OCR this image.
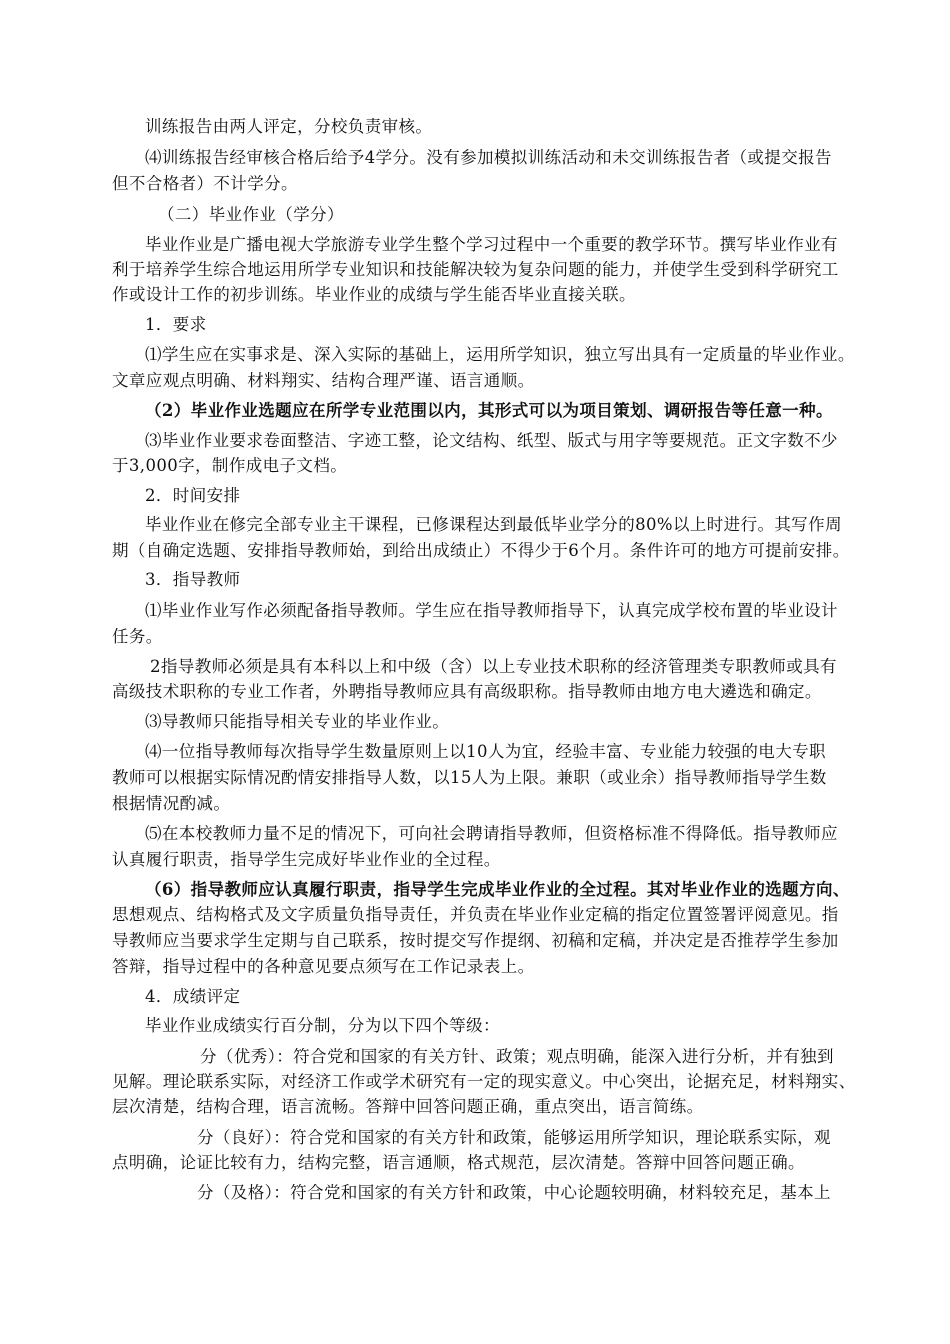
训练报告由两人评定，分校负责审核。
⑷训练报告经审核合格后给予4学分。没有参加模拟训练活动和未交训练报告者（或提交报告
但不合格者）不计学分。
（二）毕业作业（学分）
毕业作业是广播电视大学旅游专业学生整个学习过程中一个重要的教学环节。撰写毕业作业有
利于培养学生综合地运用所学专业知识和技能解决较为复杂问题的能力，并使学生受到科学研究工
作或设计工作的初步训练。毕业作业的成绩与学生能否毕业直接关联。
1．要求
⑴学生应在实事求是、深入实际的基础上，运用所学知识，独立写出具有一定质量的毕业作业。
文章应观点明确、材料翔实、结构合理严谨、语言通顺。
（2）毕业作业选题应在所学专业范围以内，其形式可以为项目策划、调研报告等任意一种。
⑶毕业作业要求卷面整洁、字迹工整，论文结构、纸型、版式与用字等要规范。正文字数不少
于3,000字，制作成电子文档。
2．时间安排
毕业作业在修完全部专业主干课程，已修课程达到最低毕业学分的80%以上时进行。其写作周
期（自确定选题、安排指导教师始，到给出成绩止）不得少于6个月。条件许可的地方可提前安排。
3．指导教师
⑴毕业作业写作必须配备指导教师。学生应在指导教师指导下，认真完成学校布置的毕业设计
任务。
2指导教师必须是具有本科以上和中级（含）以上专业技术职称的经济管理类专职教师或具有
高级技术职称的专业工作者，外聘指导教师应具有高级职称。指导教师由地方电大遴选和确定。
⑶导教师只能指导相关专业的毕业作业。
⑷一位指导教师每次指导学生数量原则上以10人为宜，经验丰富、专业能力较强的电大专职
教师可以根据实际情况酌情安排指导人数，以15人为上限。兼职（或业余）指导教师指导学生数
根据情况酌减。
⑸在本校教师力量不足的情况下，可向社会聘请指导教师，但资格标准不得降低。指导教师应
认真履行职责，指导学生完成好毕业作业的全过程。
（6）指导教师应认真履行职责，指导学生完成毕业作业的全过程。其对毕业作业的选题方向、
思想观点、结构格式及文字质量负指导责任，并负责在毕业作业定稿的指定位置签署评阅意见。指
导教师应当要求学生定期与自己联系，按时提交写作提纲、初稿和定稿，并决定是否推荐学生参加
答辩，指导过程中的各种意见要点须写在工作记录表上。
4．成绩评定
毕业作业成绩实行百分制，分为以下四个等级：
分（优秀）：符合党和国家的有关方针、政策；观点明确，能深入进行分析，并有独到
见解。理论联系实际，对经济工作或学术研究有一定的现实意义。中心突出，论据充足，材料翔实、
层次清楚，结构合理，语言流畅。答辩中回答问题正确，重点突出，语言简练。
分（良好）：符合党和国家的有关方针和政策，能够运用所学知识，理论联系实际，观
点明确，论证比较有力，结构完整，语言通顺，格式规范，层次清楚。答辩中回答问题正确。
分（及格）：符合党和国家的有关方针和政策，中心论题较明确，材料较充足，基本上
